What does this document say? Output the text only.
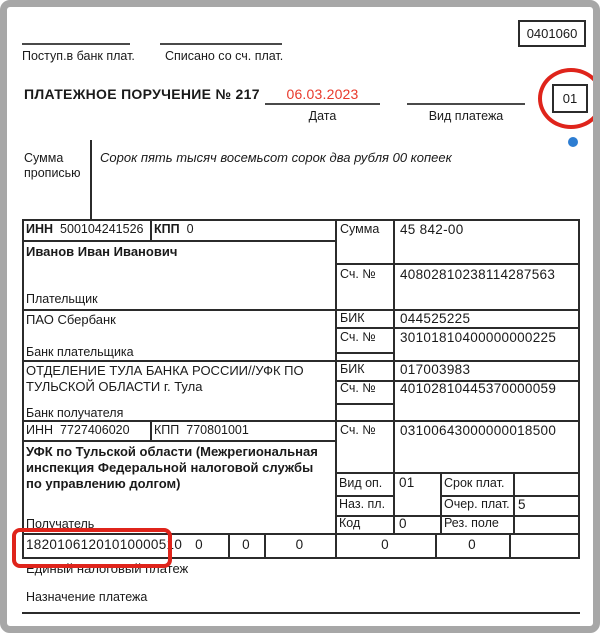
0401060
Поступ.в банк плат. Списано со сч. плат.
ПЛАТЕЖНОЕ ПОРУЧЕНИЕ № 217	06.03.2023
Дата	Вид платежа
01
Сумма прописью
Сорок пять тысяч восемьсот сорок два рубля 00 копеек
ИНН 500104241526 КПП 0
Иванов Иван Иванович
Плательщик
Сумма 45 842-00
Сч. № 40802810238114287563
ПАО Сбербанк
Банк плательщика
БИК	044525225
Сч. № 30101810400000000225
ОТДЕЛЕНИЕ ТУЛА БАНКА РОССИИ//УФК ПО ТУЛЬСКОЙ ОБЛАСТИ г. Тула
Банк получателя
БИК	017003983
Сч. № 40102810445370000059
ИНН 7727406020 КПП 770801001	Сч. № 03100643000000018500
УФК по Тульской области (Межрегиональная инспекция Федеральной налоговой службы по управлению долгом)
Получатель
Вид оп. 01 Срок плат.
Наз. пл.	Очер. плат. 5
Код	0	Рез. поле
18201061201010000510 0	0	0	0	0
Единый налоговый платеж
Назначение платежа
